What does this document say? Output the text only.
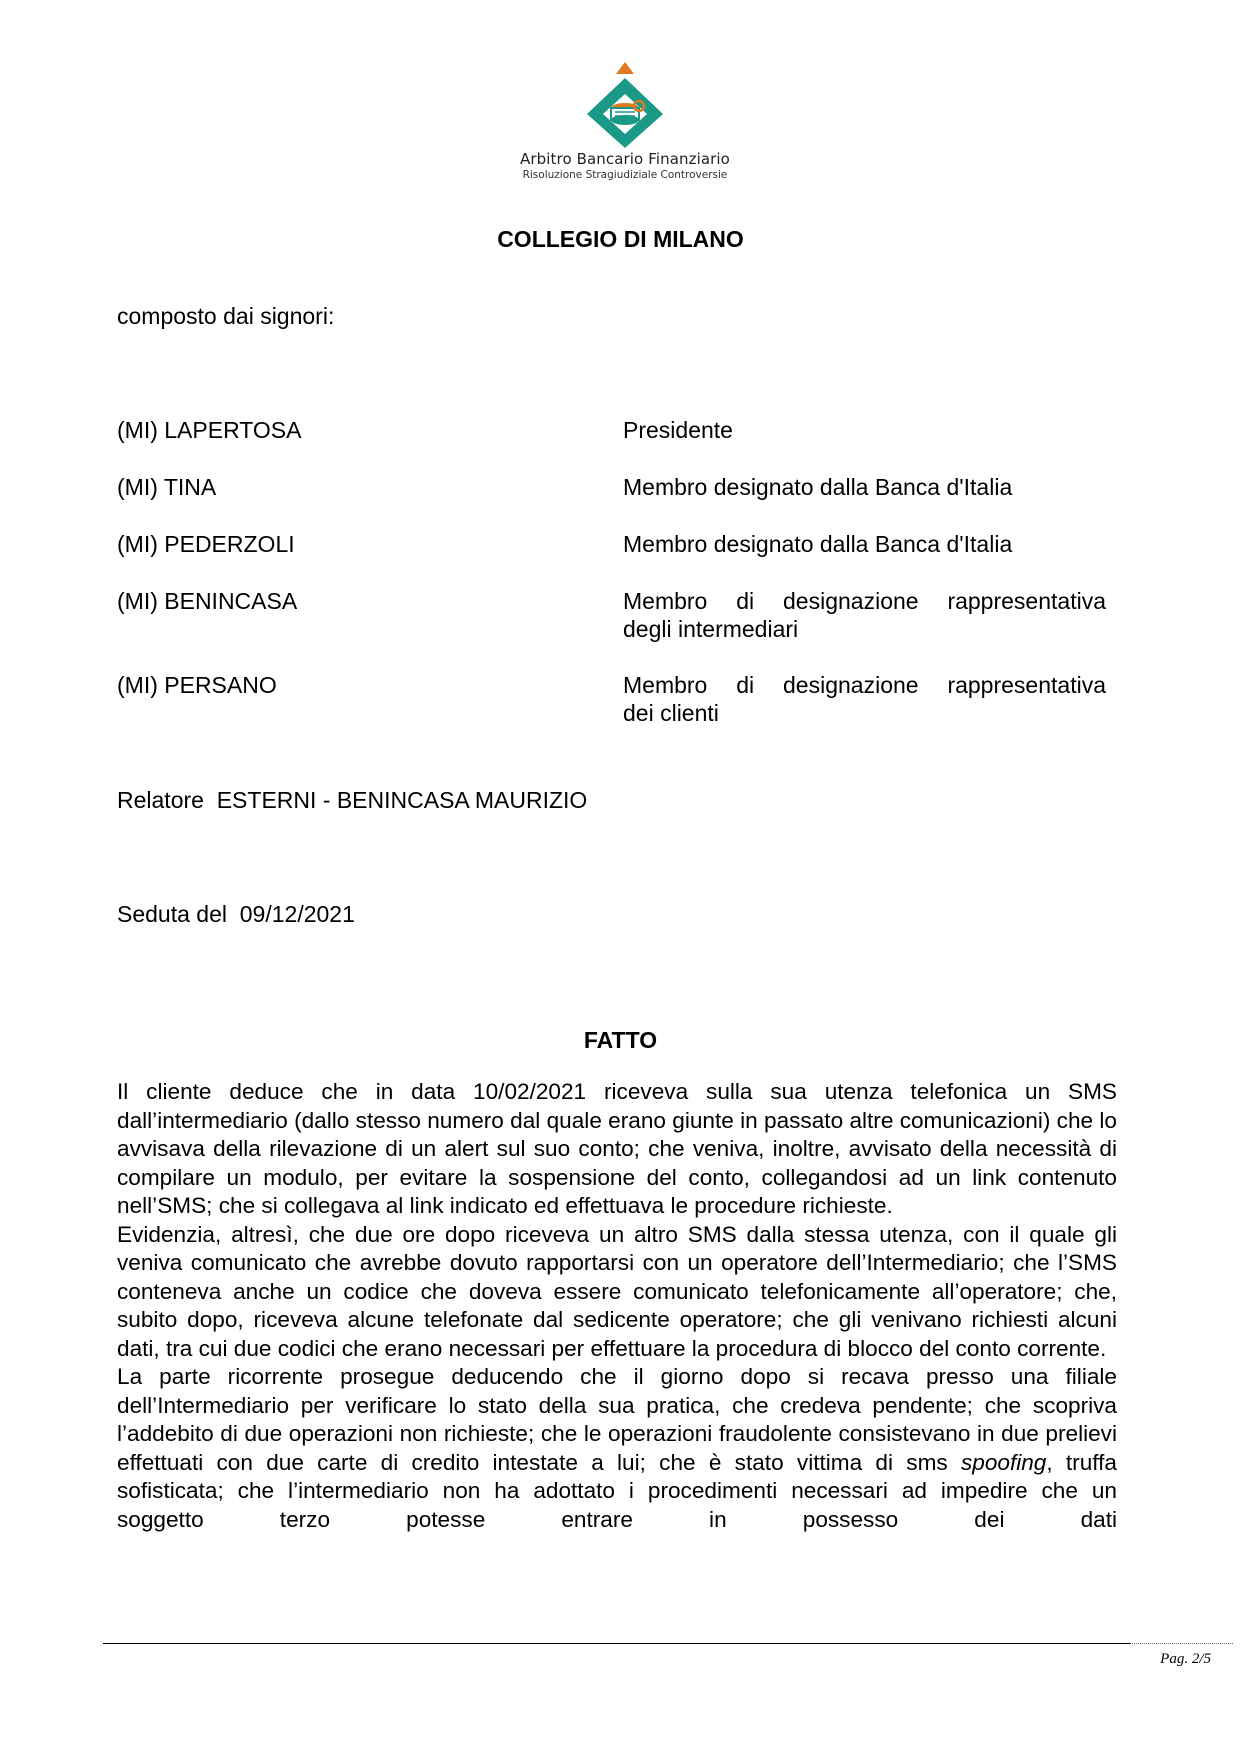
Arbitro Bancario Finanziario
Risoluzione Stragiudiziale Controversie
COLLEGIO DI MILANO
composto dai signori:
(MI) LAPERTOSA	Presidente
(MI) TINA	Membro designato dalla Banca d'Italia
(MI) PEDERZOLI	Membro designato dalla Banca d'Italia
(MI) BENINCASA	Membro di designazione rappresentativa
degli intermediari
(MI) PERSANO	Membro di designazione rappresentativa
dei clienti
Relatore  ESTERNI - BENINCASA MAURIZIO
Seduta del  09/12/2021
FATTO

Il cliente deduce che in data 10/02/2021 riceveva sulla sua utenza telefonica un SMS dall’intermediario (dallo stesso numero dal quale erano giunte in passato altre comunicazioni) che lo avvisava della rilevazione di un alert sul suo conto; che veniva, inoltre, avvisato della necessità di compilare un modulo, per evitare la sospensione del conto, collegandosi ad un link contenuto nell’SMS; che si collegava al link indicato ed effettuava le procedure richieste.

Evidenzia, altresì, che due ore dopo riceveva un altro SMS dalla stessa utenza, con il quale gli veniva comunicato che avrebbe dovuto rapportarsi con un operatore dell’Intermediario; che l’SMS conteneva anche un codice che doveva essere comunicato telefonicamente all’operatore; che, subito dopo, riceveva alcune telefonate dal sedicente operatore; che gli venivano richiesti alcuni dati, tra cui due codici che erano necessari per effettuare la procedura di blocco del conto corrente.

La parte ricorrente prosegue deducendo che il giorno dopo si recava presso una filiale dell’Intermediario per verificare lo stato della sua pratica, che credeva pendente; che scopriva l’addebito di due operazioni non richieste; che le operazioni fraudolente consistevano in due prelievi effettuati con due carte di credito intestate a lui; che è stato vittima di sms spoofing, truffa sofisticata; che l’intermediario non ha adottato i procedimenti necessari ad impedire che un soggetto terzo potesse entrare in possesso dei dati

Pag. 2/5
